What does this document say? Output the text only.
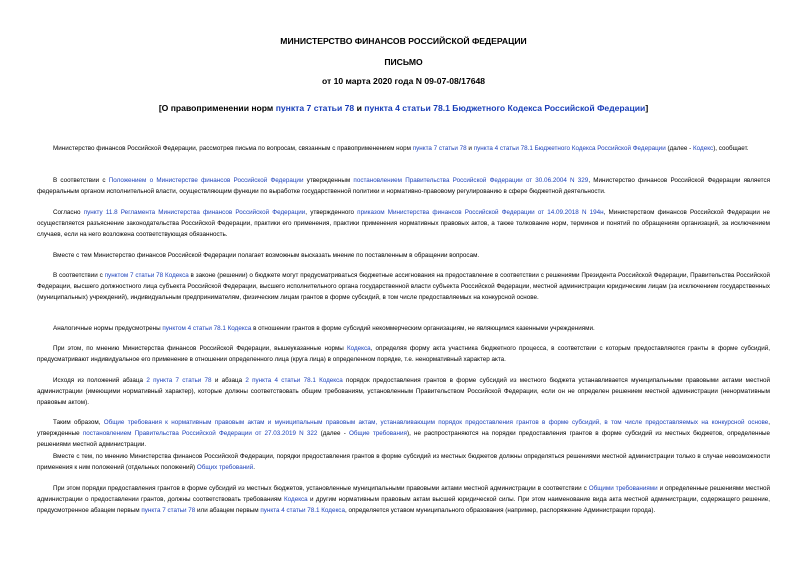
МИНИСТЕРСТВО ФИНАНСОВ РОССИЙСКОЙ ФЕДЕРАЦИИ
ПИСЬМО
от 10 марта 2020 года N 09-07-08/17648
[О правоприменении норм пункта 7 статьи 78 и пункта 4 статьи 78.1 Бюджетного Кодекса Российской Федерации]

Министерство финансов Российской Федерации, рассмотрев письма по вопросам, связанным с правоприменением норм пункта 7 статьи 78 и пункта 4 статьи 78.1 Бюджетного Кодекса Российской Федерации (далее - Кодекс), сообщает.

В соответствии с Положением о Министерстве финансов Российской Федерации утвержденным постановлением Правительства Российской Федерации от 30.06.2004 N 329, Министерство финансов Российской Федерации является федеральным органом исполнительной власти, осуществляющим функции по выработке государственной политики и нормативно-правовому регулированию в сфере бюджетной деятельности.

Согласно пункту 11.8 Регламента Министерства финансов Российской Федерации, утвержденного приказом Министерства финансов Российской Федерации от 14.09.2018 N 194н, Министерством финансов Российской Федерации не осуществляется разъяснение законодательства Российской Федерации, практики его применения, практики применения нормативных правовых актов, а также толкование норм, терминов и понятий по обращениям организаций, за исключением случаев, если на него возложена соответствующая обязанность.

Вместе с тем Министерство финансов Российской Федерации полагает возможным высказать мнение по поставленным в обращении вопросам.

В соответствии с пунктом 7 статьи 78 Кодекса в законе (решении) о бюджете могут предусматриваться бюджетные ассигнования на предоставление в соответствии с решениями Президента Российской Федерации, Правительства Российской Федерации, высшего должностного лица субъекта Российской Федерации, высшего исполнительного органа государственной власти субъекта Российской Федерации, местной администрации юридическим лицам (за исключением государственных (муниципальных) учреждений), индивидуальным предпринимателям, физическим лицам грантов в форме субсидий, в том числе предоставляемых на конкурсной основе.

Аналогичные нормы предусмотрены пунктом 4 статьи 78.1 Кодекса в отношении грантов в форме субсидий некоммерческим организациям, не являющимся казенными учреждениями.

При этом, по мнению Министерства финансов Российской Федерации, вышеуказанные нормы Кодекса, определяя форму акта участника бюджетного процесса, в соответствии с которым предоставляются гранты в форме субсидий, предусматривают индивидуальное его применение в отношении определенного лица (круга лица) в определенном порядке, т.е. ненормативный характер акта.

Исходя из положений абзаца 2 пункта 7 статьи 78 и абзаца 2 пункта 4 статьи 78.1 Кодекса порядок предоставления грантов в форме субсидий из местного бюджета устанавливается муниципальными правовыми актами местной администрации (имеющими нормативный характер), которые должны соответствовать общим требованиям, установленным Правительством Российской Федерации, если он не определен решением местной администрации (ненормативным правовым актом).

Таким образом, Общие требования к нормативным правовым актам и муниципальным правовым актам, устанавливающим порядок предоставления грантов в форме субсидий, в том числе предоставляемых на конкурсной основе, утвержденные постановлением Правительства Российской Федерации от 27.03.2019 N 322 (далее - Общие требования), не распространяются на порядки предоставления грантов в форме субсидий из местных бюджетов, определенные решениями местной администрации.

Вместе с тем, по мнению Министерства финансов Российской Федерации, порядки предоставления грантов в форме субсидий из местных бюджетов должны определяться решениями местной администрации только в случае невозможности применения к ним положений (отдельных положений) Общих требований.

При этом порядки предоставления грантов в форме субсидий из местных бюджетов, установленные муниципальными правовыми актами местной администрации в соответствии с Общими требованиями и определенные решениями местной администрации о предоставлении грантов, должны соответствовать требованиям Кодекса и другим нормативным правовым актам высшей юридической силы. При этом наименование вида акта местной администрации, содержащего решение, предусмотренное абзацем первым пункта 7 статьи 78 или абзацем первым пункта 4 статьи 78.1 Кодекса, определяется уставом муниципального образования (например, распоряжение Администрации города).
